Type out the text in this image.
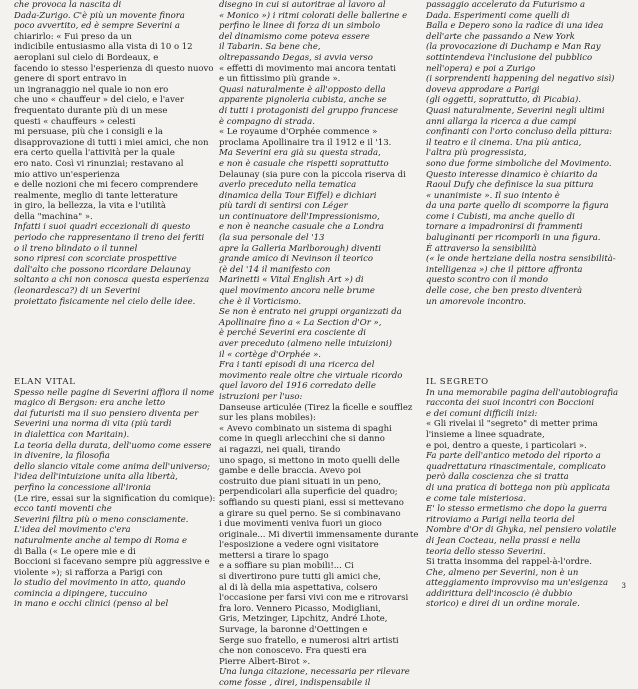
che provoca la nascita di

Dada-Zurigo. C'è più un movente finora

poco avvertito, ed è sempre Severini a

chiarirlo: « Fui preso da un

indicibile entusiasmo alla vista di 10 o 12

aeroplani sul cielo di Bordeaux, e

facendo io stesso l'esperienza di questo nuovo

genere di sport entravo in

un ingranaggio nel quale io non ero

che uno « chauffeur » del cielo, e l'aver

frequentato durante più di un mese

questi « chauffeurs » celesti

mi persuase, più che i consigli e la

disapprovazione di tutti i miei amici, che non

era certo quella l'attività per la quale

ero nato. Così vi rinunziai; restavano al

mio attivo un'esperienza

e delle nozioni che mi fecero comprendere

realmente, meglio di tante letterature

in giro, la bellezza, la vita e l'utilità

della "machina" ».

Infatti i suoi quadri eccezionali di questo

periodo che rappresentano il treno dei feriti

o il treno blindato o il tunnel

sono ripresi con scorciate prospettive

dall'alto che possono ricordare Delaunay

soltanto a chi non conosca questa esperienza

(leonardesca?) di un Severini

proiettato fisicamente nel cielo delle idee.

ELAN VITAL

Spesso nelle pagine di Severini affiora il nome

magico di Bergson: era anche letto

dai futuristi ma il suo pensiero diventa per

Severini una norma di vita (più tardi

in dialettica con Maritain).

La teoria della durata, dell'uomo come essere

in divenire, la filosofia

dello slancio vitale come anima dell'universo;

l'idea dell'intuizione unita alla libertà,

perfino la concessione all'ironia

(Le rire, essai sur la signification du comique):

ecco tanti moventi che

Severini filtra più o meno consciamente.

L'idea del movimento c'era

naturalmente anche al tempo di Roma e

di Balla (« Le opere mie e di

Boccioni si facevano sempre più aggressive e

violente »); si rafforza a Parigi con

lo studio del movimento in atto, quando

comincia a dipingere, tuccuino

in mano e occhi clinici (penso al bel

disegno in cui si autoritrae al lavoro al

« Monico ») i ritmi colorati delle ballerine e

perfino le linee di forza di un simbolo

del dinamismo come poteva essere

il Tabarin. Sa bene che,

oltrepassando Degas, si avvia verso

« effetti di movimento mai ancora tentati

e un fittissimo più grande ».

Quasi naturalmente è all'opposto della

apparente pignoleria cubista, anche se

di tutti i protagonisti del gruppo francese

è compagno di strada.

« Le royaume d'Orphée commence »

proclama Apollinaire tra il 1912 e il '13.

Ma Severini era già su questa strada,

e non è casuale che rispetti soprattutto

Delaunay (sia pure con la piccola riserva di

averlo preceduto nella tematica

dinamica della Tour Eiffel) e dichiari

più tardi di sentirsi con Léger

un continuatore dell'Impressionismo,

e non è neanche casuale che a Londra

(la sua personale del '13

apre la Galleria Marlborough) diventi

grande amico di Nevinson il teorico

(è del '14 il manifesto con

Marinetti « Vital English Art ») di

quel movimento ancora nelle brume

che è il Vorticismo.

Se non è entrato nei gruppi organizzati da

Apollinaire fino a « La Section d'Or »,

è perché Severini era cosciente di

aver preceduto (almeno nelle intuizioni)

il « cortège d'Orphée ».

Fra i tanti episodi di una ricerca del

movimento reale oltre che virtuale ricordo

quel lavoro del 1916 corredato delle

istruzioni per l'uso:

Danseuse articulée (Tirez la ficelle e soufflez

sur les plans mobiles):

« Avevo combinato un sistema di spaghi

come in quegli arlecchini che si danno

ai ragazzi, nei quali, tirando

uno spago, si mettono in moto quelli delle

gambe e delle braccia. Avevo poi

costruito due piani situati in un peno,

perpendicolari alla superficie del quadro;

soffiando su questi piani, essi si mettevano

a girare su quel perno. Se si combinavano

i due movimenti veniva fuori un gioco

originale... Mi divertii immensamente durante

l'esposizione a vedere ogni visitatore

mettersi a tirare lo spago

e a soffiare su pian mobili!... Ci

si divertirono pure tutti gli amici che,

al di là della mia aspettativa, colsero

l'occasione per farsi vivi con me e ritrovarsi

fra loro. Venne​ro Picasso, Modigliani,

Gris, Metzinger, Lipchitz, André Lhote,

Survage, la baronne d'Oettingen e

Serge suo fratello, e numerosi altri artisti

che non conoscevo. Fra questi era

Pierre Albert-Birot ».

Una lunga citazione, necessaria per rilevare

come fosse , direi, indispensabile il

passaggio accelerato da Futurismo a

Dada. Esperimenti come quelli di

Balla e Depero sono la radice di una idea

dell'arte che passando a New York

(la provocazione di Duchamp e Man Ray

sottintendeva l'inclusione del pubblico

nell'opera) e poi a Zurigo

(i sorprendenti happening del negativo sisì)

doveva approdare a Parigi

(gli oggetti, soprattutto, di Picabia).

Quasi naturalmente, Severini negli ultimi

anni allarga la ricerca a due campi

confinanti con l'orto concluso della pittura:

il teatro e il cinema. Una più antica,

l'altra più progressista,

sono due forme simboliche del Movimento.

Questo interesse dinamico è chiarito da

Raoul Dufy che definisce la sua pittura

« unanimiste ». Il suo intento è

da una parte quello di scomporre la figura

come i Cubisti, ma anche quello di

tornare a impadronirsi di frammenti

balugìnanti per ricomporli in una figura.

È attraverso la sensibilità

(« le onde hertziane della nostra sensibilità-

intelligenza ») che il pittore affronta

questo scontro con il mondo

delle cose, che ben presto diventerà

un amorevole incontro.

IL SEGRETO

In una memorabile pagina dell'autobiografia

racconta dei suoi incontri con Boccioni

e dei comuni difficili inizi:

« Gli rivelai il "segreto" di metter prima

l'insieme a linee squadrate,

e poi, dentro a queste, i particolari ».

Fa parte dell'antico metodo del riporto a

quadrettatura rinascimentale, complicato

però dalla coscienza che si tratta

di una pratica di bottega non più applicata

e come tale misteriosa.

E' lo stesso ermetismo che dopo la guerra

ritroviamo a Parigi nella teoria del

Nombre d'Or di Ghyka, nel pensiero volatile

di Jean Cocteau, nella prassi e nella

teoria dello stesso Severini.

Si tratta insomma del rappel-à-l'ordre.

Che, almeno per Severini, non è un

atteggiamento improvviso ma un'esigenza

addirittura dell'incoscio (è dubbio

storico) e direi di un ordine morale.

3
